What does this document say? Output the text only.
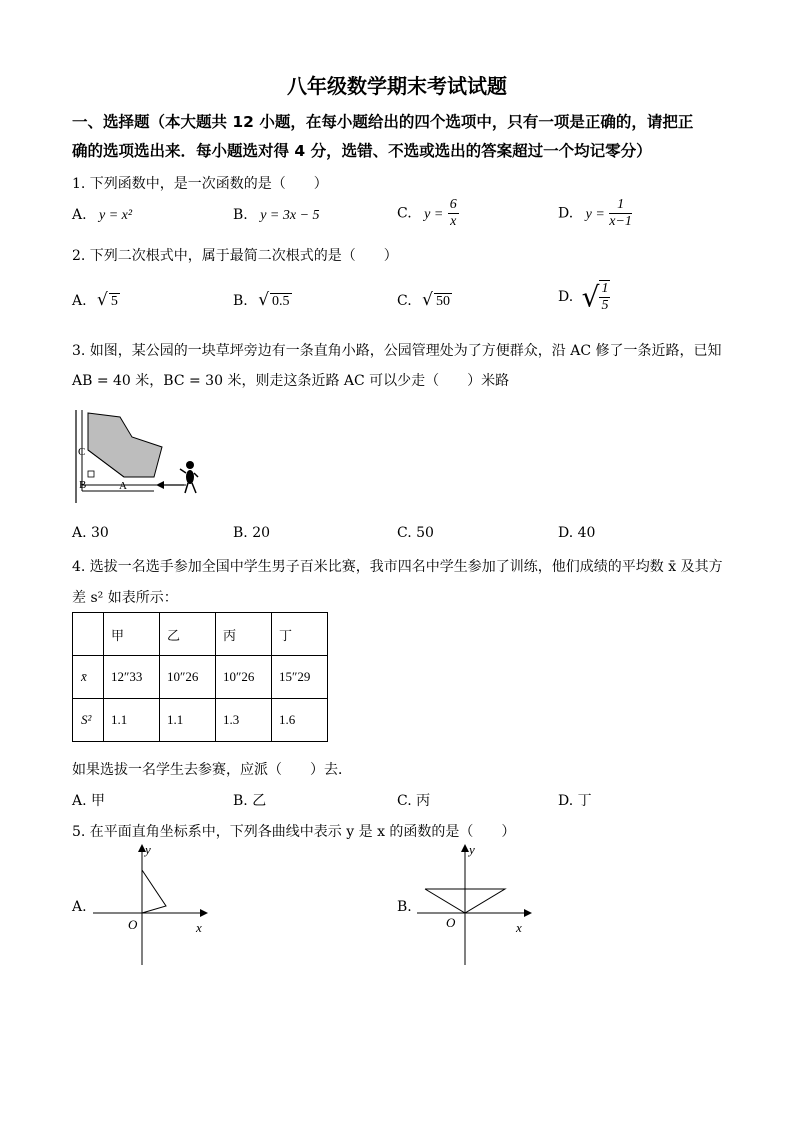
八年级数学期末考试试题
一、选择题（本大题共 12 小题，在每小题给出的四个选项中，只有一项是正确的，请把正
确的选项选出来．每小题选对得 4 分，选错、不选或选出的答案超过一个均记零分）
1. 下列函数中，是一次函数的是（　　）
A. y = x²	B. y = 3x − 5	C. $y = \frac{6}{x}$	D. $y = \frac{1}{x-1}$
2. 下列二次根式中，属于最简二次根式的是（　　）
A. √ 5	B. √ 0.5	C. √ 50	D. √ $\frac{1}{5}$
3. 如图，某公园的一块草坪旁边有一条直角小路，公园管理处为了方便群众，沿 AC 修了一条近路，已知
AB = 40 米，BC = 30 米，则走这条近路 AC 可以少走（　　）米路
C
B	A
A. 30	B. 20	C. 50	D. 40
4. 选拔一名选手参加全国中学生男子百米比赛，我市四名中学生参加了训练，他们成绩的平均数 x̄ 及其方
差 s² 如表所示：
	甲	乙	丙	丁
x̄	12″33	10″26	10″26	15″29
S²	1.1	1.1	1.3	1.6
如果选拔一名学生去参赛，应派（　　）去．
A. 甲	B. 乙	C. 丙	D. 丁
5. 在平面直角坐标系中，下列各曲线中表示 y 是 x 的函数的是（　　）
A.
y
x
O
B.
y
x
O
